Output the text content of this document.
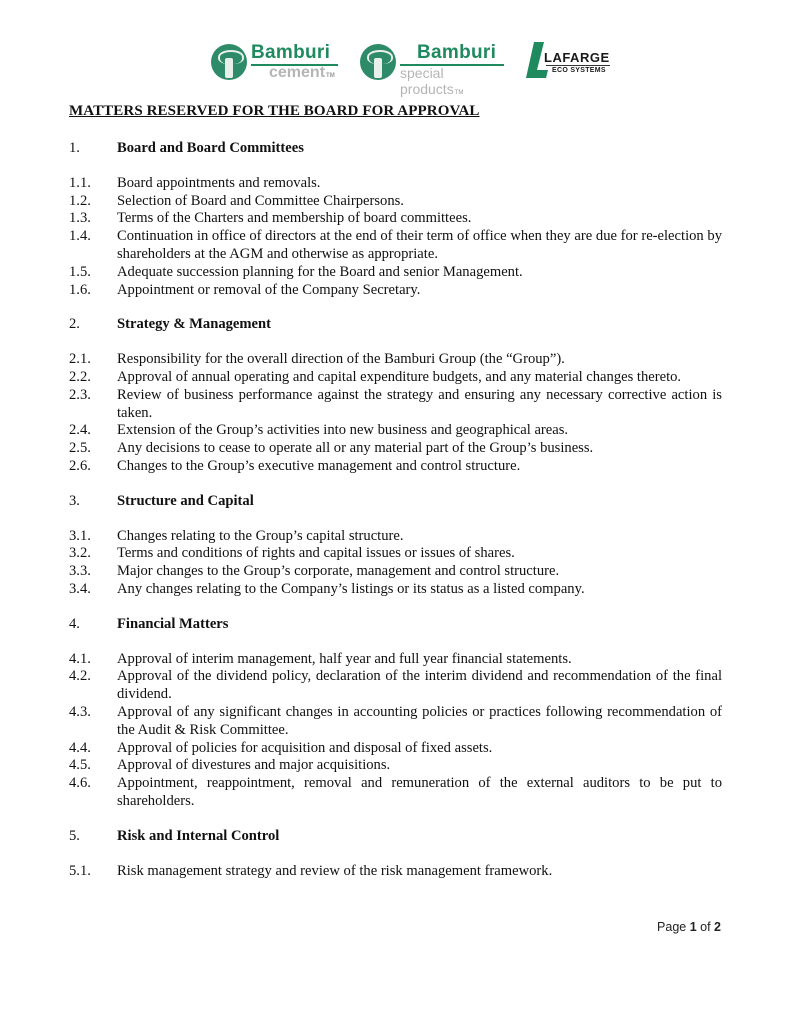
Bamburi
cementTM
Bamburi
special productsTM
LAFARGE
ECO SYSTEMS
MATTERS RESERVED FOR THE BOARD FOR APPROVAL
1.	Board and Board Committees
1.1.	Board appointments and removals.
1.2.	Selection of Board and Committee Chairpersons.
1.3.	Terms of the Charters and membership of board committees.
1.4.	Continuation in office of directors at the end of their term of office when they are due for re-election by shareholders at the AGM and otherwise as appropriate.
1.5.	Adequate succession planning for the Board and senior Management.
1.6.	Appointment or removal of the Company Secretary.
2.	Strategy & Management
2.1.	Responsibility for the overall direction of the Bamburi Group (the “Group”).
2.2.	Approval of annual operating and capital expenditure budgets, and any material changes thereto.
2.3.	Review of business performance against the strategy and ensuring any necessary corrective action is taken.
2.4.	Extension of the Group’s activities into new business and geographical areas.
2.5.	Any decisions to cease to operate all or any material part of the Group’s business.
2.6.	Changes to the Group’s executive management and control structure.
3.	Structure and Capital
3.1.	Changes relating to the Group’s capital structure.
3.2.	Terms and conditions of rights and capital issues or issues of shares.
3.3.	Major changes to the Group’s corporate, management and control structure.
3.4.	Any changes relating to the Company’s listings or its status as a listed company.
4.	Financial Matters
4.1.	Approval of interim management, half year and full year financial statements.
4.2.	Approval of the dividend policy, declaration of the interim dividend and recommendation of the final dividend.
4.3.	Approval of any significant changes in accounting policies or practices following recommendation of the Audit & Risk Committee.
4.4.	Approval of policies for acquisition and disposal of fixed assets.
4.5.	Approval of divestures and major acquisitions.
4.6.	Appointment, reappointment, removal and remuneration of the external auditors to be put to shareholders.
5.	Risk and Internal Control
5.1.	Risk management strategy and review of the risk management framework.
Page 1 of 2
